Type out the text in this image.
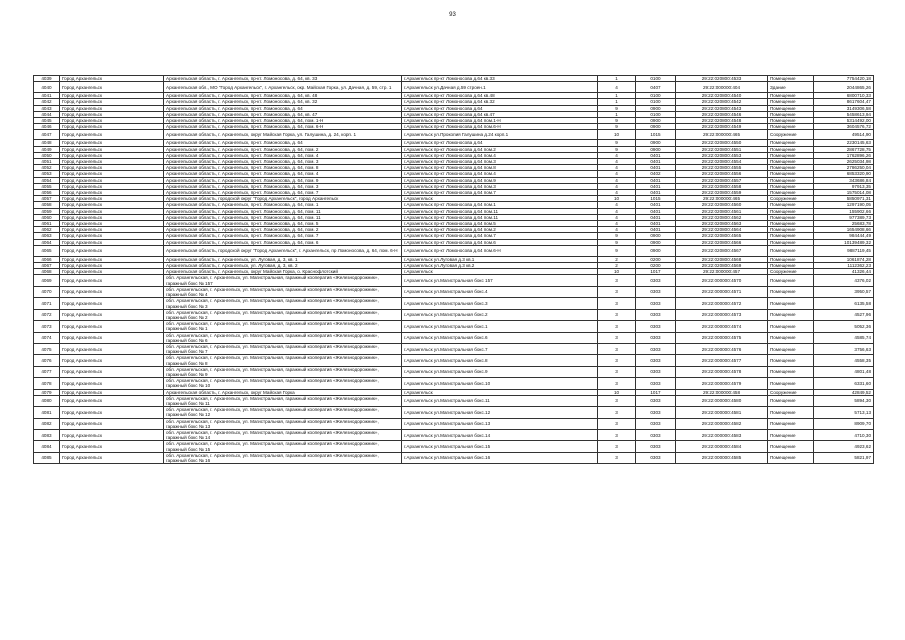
93
4039	Город Архангельск	Архангельская область, г. Архангельск, пр-кт. Ломоносова, д. 64, кв. 33	г.Архангельск пр-кт Ломоносова д.64 кв.33	1	0100	29:22:020800:4533	Помещение	7754420,18
4040	Город Архангельск	Архангельская обл., МО "Город Архангельск", г. Архангельск, окр. Майская Горка, ул. Дачная, д. 59, стр. 1	г.Архангельск ул.Дачная д.59 строен.1	4	0407	29:22:000000:404	Здание	2044865,26
4041	Город Архангельск	Архангельская область, г. Архангельск, пр-кт. Ломоносова, д. 64, кв. 48	г.Архангельск пр-кт Ломоносова д.64 кв.48	1	0100	29:22:020800:4540	Помещение	6800710,33
4042	Город Архангельск	Архангельская область, г. Архангельск, пр-кт. Ломоносова, д. 64, кв. 32	г.Архангельск пр-кт Ломоносова д.64 кв.32	1	0100	29:22:020800:4542	Помещение	8617604,47
4043	Город Архангельск	Архангельская область, г. Архангельск, пр-кт. Ломоносова, д. 64	г.Архангельск пр-кт Ломоносова д.64	9	0900	29:22:020800:4543	Помещение	3149306,58
4044	Город Архангельск	Архангельская область, г. Архангельск, пр-кт. Ломоносова, д. 64, кв. 47	г.Архангельск пр-кт Ломоносова д.64 кв.47	1	0100	29:22:020800:4546	Помещение	5458613,94
4045	Город Архангельск	Архангельская область, г. Архангельск, пр-кт. Ломоносова, д. 64, пом. 1-Н	г.Архангельск пр-кт Ломоносова д.64 пом.1-Н	9	0900	29:22:020800:4548	Помещение	5314492,00
4046	Город Архангельск	Архангельская область, г. Архангельск, пр-кт. Ломоносова, д. 64, пом. 6-Н	г.Архангельск пр-кт Ломоносова д.64 пом.6-Н	9	0900	29:22:020800:4549	Помещение	3604576,72
4047	Город Архангельск	Архангельская область, г. Архангельск, округ Майская Горка, ул. Галушина, д. 24, корп. 1	г.Архангельск ул.Прокопия Галушина д.24 корп.1	10	1015	29:22:000000:465	Сооружение	49514,90
4048	Город Архангельск	Архангельская область, г. Архангельск, пр-кт. Ломоносова, д. 64	г.Архангельск пр-кт Ломоносова д.64	9	0900	29:22:020800:4550	Помещение	2230145,63
4049	Город Архангельск	Архангельская область, г. Архангельск, пр-кт. Ломоносова, д. 64, пом. 2	г.Архангельск пр-кт Ломоносова д.64 пом.2	9	0900	29:22:020800:4551	Помещение	2867728,75
4050	Город Архангельск	Архангельская область, г. Архангельск, пр-кт. Ломоносова, д. 64, пом. 4	г.Архангельск пр-кт Ломоносова д.64 пом.4	4	0401	29:22:020800:4553	Помещение	1762896,26
4051	Город Архангельск	Архангельская область, г. Архангельск, пр-кт. Ломоносова, д. 64, пом. 3	г.Архангельск пр-кт Ломоносова д.64 пом.3	4	0401	29:22:020800:4554	Помещение	2625034,98
4052	Город Архангельск	Архангельская область, г. Архангельск, пр-кт. Ломоносова, д. 64, пом. 8	г.Архангельск пр-кт Ломоносова д.64 пом.8	4	0401	29:22:020800:4555	Помещение	2786250,04
4053	Город Архангельск	Архангельская область, г. Архангельск, пр-кт. Ломоносова, д. 64, пом. 4	г.Архангельск пр-кт Ломоносова д.64 пом.4	4	0402	29:22:020800:4556	Помещение	6853320,90
4054	Город Архангельск	Архангельская область, г. Архангельск, пр-кт. Ломоносова, д. 64, пом. 9	г.Архангельск пр-кт Ломоносова д.64 пом.9	4	0401	29:22:020800:4557	Помещение	343686,84
4055	Город Архангельск	Архангельская область, г. Архангельск, пр-кт. Ломоносова, д. 64, пом. 3	г.Архангельск пр-кт Ломоносова д.64 пом.3	4	0401	29:22:020800:4558	Помещение	97913,35
4056	Город Архангельск	Архангельская область, г. Архангельск, пр-кт. Ломоносова, д. 64, пом. 7	г.Архангельск пр-кт Ломоносова д.64 пом.7	4	0401	29:22:020800:4559	Помещение	1575014,08
4057	Город Архангельск	Архангельская область, городской округ "Город Архангельск", город Архангельск	г.Архангельск	10	1015	29:22:000000:465	Сооружение	5850971,31
4058	Город Архангельск	Архангельская область, г. Архангельск, пр-кт. Ломоносова, д. 64, пом. 1	г.Архангельск пр-кт Ломоносова д.64 пом.1	4	0401	29:22:020800:4560	Помещение	1297190,05
4059	Город Архангельск	Архангельская область, г. Архангельск, пр-кт. Ломоносова, д. 64, пом. 11	г.Архангельск пр-кт Ломоносова д.64 пом.11	4	0401	29:22:020800:4561	Помещение	155902,66
4060	Город Архангельск	Архангельская область, г. Архангельск, пр-кт. Ломоносова, д. 64, пом. 11	г.Архангельск пр-кт Ломоносова д.64 пом.11	4	0401	29:22:020800:4562	Помещение	977389,73
4061	Город Архангельск	Архангельская область, г. Архангельск, пр-кт. Ломоносова, д. 64, пом. 5	г.Архангельск пр-кт Ломоносова д.64 пом.5	4	0401	29:22:020800:4563	Помещение	25683,78
4062	Город Архангельск	Архангельская область, г. Архангельск, пр-кт. Ломоносова, д. 64, пом. 2	г.Архангельск пр-кт Ломоносова д.64 пом.2	4	0401	29:22:020800:4564	Помещение	1654908,66
4063	Город Архангельск	Архангельская область, г. Архангельск, пр-кт. Ломоносова, д. 64, пом. 7	г.Архангельск пр-кт Ломоносова д.64 пом.7	9	0900	29:22:020800:4565	Помещение	984444,49
4064	Город Архангельск	Архангельская область, г. Архангельск, пр-кт. Ломоносова, д. 64, пом. 6	г.Архангельск пр-кт Ломоносова д.64 пом.6	9	0900	29:22:020800:4566	Помещение	10139489,32
4065	Город Архангельск	Архангельская область, городской округ "Город Архангельск", г. Архангельск, пр Ломоносова, д. 64, пом. 6-Н	г.Архангельск пр-кт Ломоносова д.64 пом.6-Н	9	0900	29:22:020800:4567	Помещение	9887119,45
4066	Город Архангельск	Архангельская область, г. Архангельск, ул. Луговая, д. 3, кв. 1	г.Архангельск ул.Луговая д.3 кв.1	2	0200	29:22:020800:4568	Помещение	1061874,28
4067	Город Архангельск	Архангельская область, г. Архангельск, ул. Луговая, д. 3, кв. 2	г.Архангельск ул.Луговая д.3 кв.2	2	0200	29:22:020800:4569	Помещение	1112362,23
4068	Город Архангельск	Архангельская область, г. Архангельск, округ Майская Горка, о. Краснофлотский	г.Архангельск	10	1017	29:22:000000:457	Сооружение	41326,44
4069	Город Архангельск	обл. Архангельская, г. Архангельск, ул. Магистральная, гаражный кооператив «Железнодорожник», гаражный бокс № 157	г.Архангельск ул.Магистральная бокс 157	3	0303	29:22:000000:4570	Помещение	4376,02
4070	Город Архангельск	обл. Архангельская, г. Архангельск, ул. Магистральная, гаражный кооператив «Железнодорожник», гаражный бокс № 4	г.Архангельск ул.Магистральная бокс.4	3	0303	29:22:000000:4571	Помещение	3950,57
4071	Город Архангельск	обл. Архангельская, г. Архангельск, ул. Магистральная, гаражный кооператив «Железнодорожник», гаражный бокс № 3	г.Архангельск ул.Магистральная бокс.3	3	0303	29:22:000000:4572	Помещение	6135,58
4072	Город Архангельск	обл. Архангельская, г. Архангельск, ул. Магистральная, гаражный кооператив «Железнодорожник», гаражный бокс № 2	г.Архангельск ул.Магистральная бокс.2	3	0303	29:22:000000:4573	Помещение	4527,96
4073	Город Архангельск	обл. Архангельская, г. Архангельск, ул. Магистральная, гаражный кооператив «Железнодорожник», гаражный бокс № 1	г.Архангельск ул.Магистральная бокс.1	3	0303	29:22:000000:4574	Помещение	5052,36
4074	Город Архангельск	обл. Архангельская, г. Архангельск, ул. Магистральная, гаражный кооператив «Железнодорожник», гаражный бокс № 6	г.Архангельск ул.Магистральная бокс.6	3	0303	29:22:000000:4575	Помещение	4585,74
4075	Город Архангельск	обл. Архангельская, г. Архангельск, ул. Магистральная, гаражный кооператив «Железнодорожник», гаражный бокс № 7	г.Архангельск ул.Магистральная бокс.7	3	0303	29:22:000000:4576	Помещение	3756,63
4076	Город Архангельск	обл. Архангельская, г. Архангельск, ул. Магистральная, гаражный кооператив «Железнодорожник», гаражный бокс № 8	г.Архангельск ул.Магистральная бокс.8	3	0303	29:22:000000:4577	Помещение	4558,35
4077	Город Архангельск	обл. Архангельская, г. Архангельск, ул. Магистральная, гаражный кооператив «Железнодорожник», гаражный бокс № 9	г.Архангельск ул.Магистральная бокс.9	3	0303	29:22:000000:4578	Помещение	4801,48
4078	Город Архангельск	обл. Архангельская, г. Архангельск, ул. Магистральная, гаражный кооператив «Железнодорожник», гаражный бокс № 10	г.Архангельск ул.Магистральная бокс.10	3	0303	29:22:000000:4579	Помещение	6331,60
4079	Город Архангельск	Архангельская область, г. Архангельск, округ Майская Горка	г.Архангельск	10	1017	29:22:000000:458	Сооружение	42849,52
4080	Город Архангельск	обл. Архангельская, г. Архангельск, ул. Магистральная, гаражный кооператив «Железнодорожник», гаражный бокс № 11	г.Архангельск ул.Магистральная бокс.11	3	0303	29:22:000000:4580	Помещение	5894,30
4081	Город Архангельск	обл. Архангельская, г. Архангельск, ул. Магистральная, гаражный кооператив «Железнодорожник», гаражный бокс № 12	г.Архангельск ул.Магистральная бокс.12	3	0303	29:22:000000:4581	Помещение	5713,13
4082	Город Архангельск	обл. Архангельская, г. Архангельск, ул. Магистральная, гаражный кооператив «Железнодорожник», гаражный бокс № 13	г.Архангельск ул.Магистральная бокс.13	3	0303	29:22:000000:4582	Помещение	8909,70
4083	Город Архангельск	обл. Архангельская, г. Архангельск, ул. Магистральная, гаражный кооператив «Железнодорожник», гаражный бокс № 14	г.Архангельск ул.Магистральная бокс.14	3	0303	29:22:000000:4583	Помещение	4710,30
4084	Город Архангельск	обл. Архангельская, г. Архангельск, ул. Магистральная, гаражный кооператив «Железнодорожник», гаражный бокс № 15	г.Архангельск ул.Магистральная бокс.15	3	0303	29:22:000000:4584	Помещение	4923,62
4085	Город Архангельск	обл. Архангельская, г. Архангельск, ул. Магистральная, гаражный кооператив «Железнодорожник», гаражный бокс № 16	г.Архангельск ул.Магистральная бокс.16	3	0303	29:22:000000:4585	Помещение	5821,97
